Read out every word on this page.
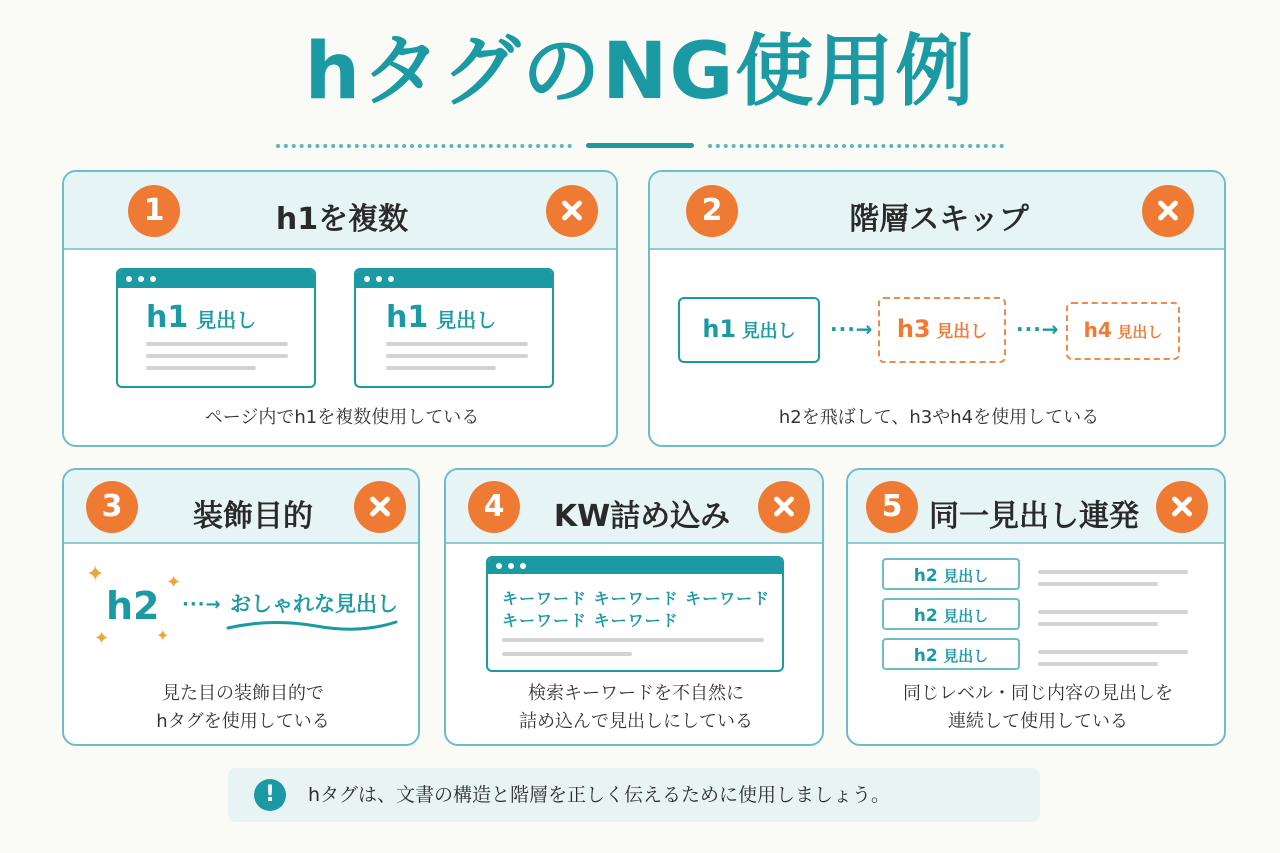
hタグのNG使用例
1	h1を複数
h1 見出し	h1 見出し
ページ内でh1を複数使用している
2	階層スキップ
h1 見出し	···→ h3 見出し	···→	h4 見出し
h2を飛ばして、h3やh4を使用している
3	装飾目的
✦	✦
✦	✦
h2 ···→ おしゃれな見出し
見た目の装飾目的で
hタグを使用している
4	KW詰め込み
キーワード キーワード キーワード
キーワード キーワード
検索キーワードを不自然に
詰め込んで見出しにしている
5 同一見出し連発
h2 見出し
h2 見出し
h2 見出し
同じレベル・同じ内容の見出しを
連続して使用している
!	hタグは、文書の構造と階層を正しく伝えるために使用しましょう。
